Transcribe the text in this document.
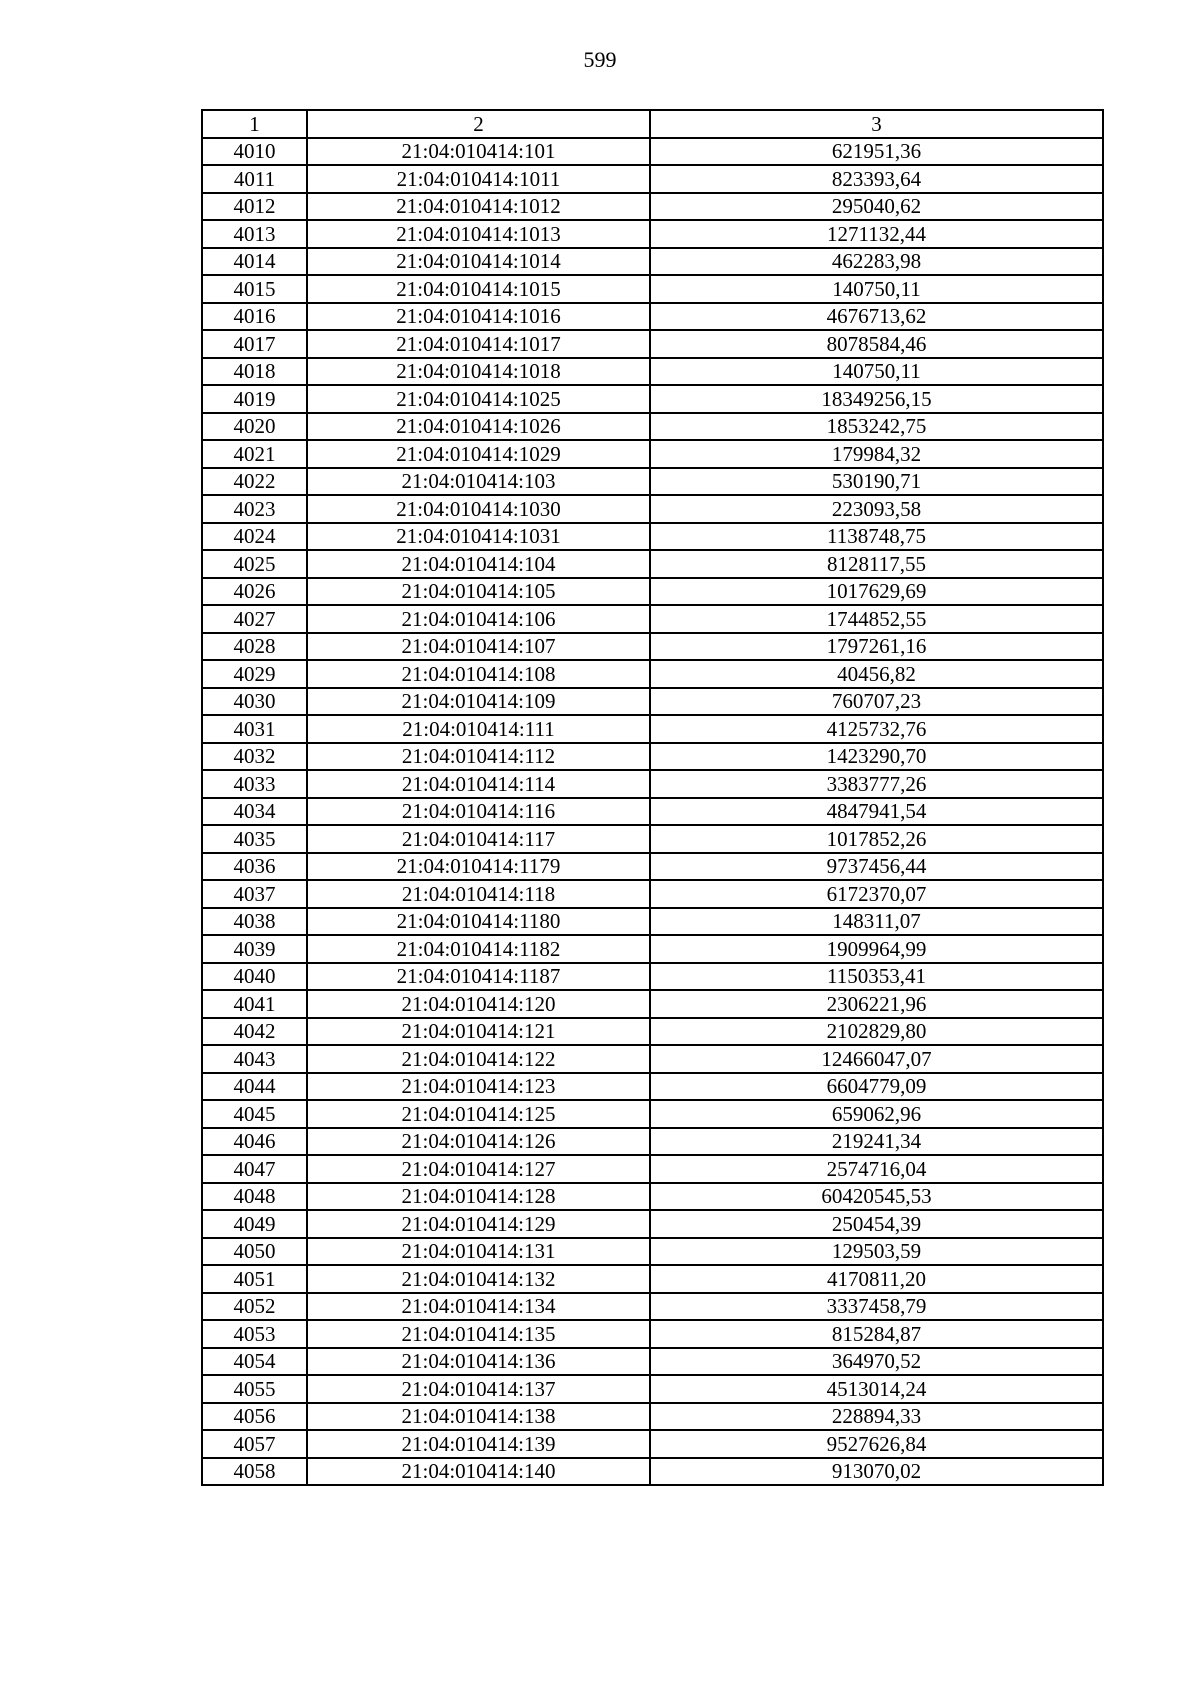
599
1	2	3
4010	21:04:010414:101	621951,36
4011	21:04:010414:1011	823393,64
4012	21:04:010414:1012	295040,62
4013	21:04:010414:1013	1271132,44
4014	21:04:010414:1014	462283,98
4015	21:04:010414:1015	140750,11
4016	21:04:010414:1016	4676713,62
4017	21:04:010414:1017	8078584,46
4018	21:04:010414:1018	140750,11
4019	21:04:010414:1025	18349256,15
4020	21:04:010414:1026	1853242,75
4021	21:04:010414:1029	179984,32
4022	21:04:010414:103	530190,71
4023	21:04:010414:1030	223093,58
4024	21:04:010414:1031	1138748,75
4025	21:04:010414:104	8128117,55
4026	21:04:010414:105	1017629,69
4027	21:04:010414:106	1744852,55
4028	21:04:010414:107	1797261,16
4029	21:04:010414:108	40456,82
4030	21:04:010414:109	760707,23
4031	21:04:010414:111	4125732,76
4032	21:04:010414:112	1423290,70
4033	21:04:010414:114	3383777,26
4034	21:04:010414:116	4847941,54
4035	21:04:010414:117	1017852,26
4036	21:04:010414:1179	9737456,44
4037	21:04:010414:118	6172370,07
4038	21:04:010414:1180	148311,07
4039	21:04:010414:1182	1909964,99
4040	21:04:010414:1187	1150353,41
4041	21:04:010414:120	2306221,96
4042	21:04:010414:121	2102829,80
4043	21:04:010414:122	12466047,07
4044	21:04:010414:123	6604779,09
4045	21:04:010414:125	659062,96
4046	21:04:010414:126	219241,34
4047	21:04:010414:127	2574716,04
4048	21:04:010414:128	60420545,53
4049	21:04:010414:129	250454,39
4050	21:04:010414:131	129503,59
4051	21:04:010414:132	4170811,20
4052	21:04:010414:134	3337458,79
4053	21:04:010414:135	815284,87
4054	21:04:010414:136	364970,52
4055	21:04:010414:137	4513014,24
4056	21:04:010414:138	228894,33
4057	21:04:010414:139	9527626,84
4058	21:04:010414:140	913070,02
